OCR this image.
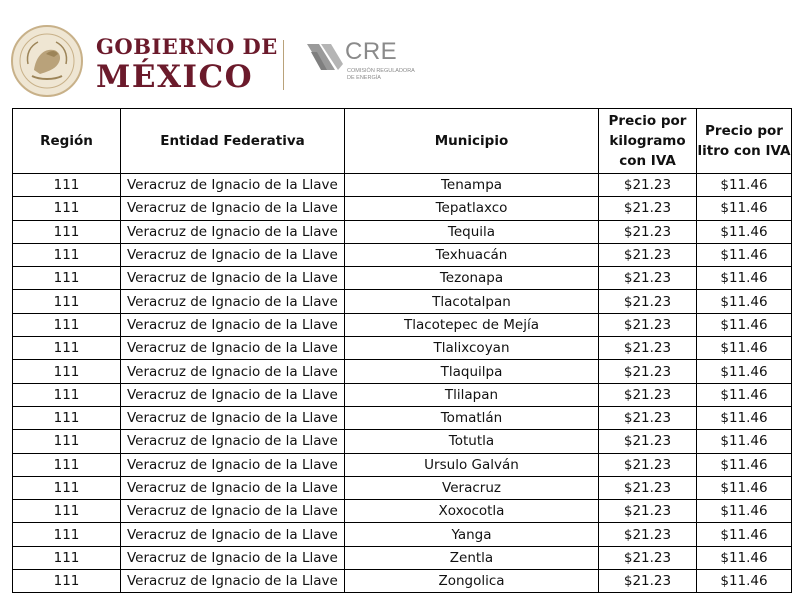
GOBIERNO DE
MÉXICO
CRE
COMISIÓN REGULADORA DE ENERGÍA
Región	Entidad Federativa	Municipio	Precio por kilogramo con IVA	Precio por litro con IVA
111	Veracruz de Ignacio de la Llave	Tenampa	$21.23	$11.46
111	Veracruz de Ignacio de la Llave	Tepatlaxco	$21.23	$11.46
111	Veracruz de Ignacio de la Llave	Tequila	$21.23	$11.46
111	Veracruz de Ignacio de la Llave	Texhuacán	$21.23	$11.46
111	Veracruz de Ignacio de la Llave	Tezonapa	$21.23	$11.46
111	Veracruz de Ignacio de la Llave	Tlacotalpan	$21.23	$11.46
111	Veracruz de Ignacio de la Llave	Tlacotepec de Mejía	$21.23	$11.46
111	Veracruz de Ignacio de la Llave	Tlalixcoyan	$21.23	$11.46
111	Veracruz de Ignacio de la Llave	Tlaquilpa	$21.23	$11.46
111	Veracruz de Ignacio de la Llave	Tlilapan	$21.23	$11.46
111	Veracruz de Ignacio de la Llave	Tomatlán	$21.23	$11.46
111	Veracruz de Ignacio de la Llave	Totutla	$21.23	$11.46
111	Veracruz de Ignacio de la Llave	Ursulo Galván	$21.23	$11.46
111	Veracruz de Ignacio de la Llave	Veracruz	$21.23	$11.46
111	Veracruz de Ignacio de la Llave	Xoxocotla	$21.23	$11.46
111	Veracruz de Ignacio de la Llave	Yanga	$21.23	$11.46
111	Veracruz de Ignacio de la Llave	Zentla	$21.23	$11.46
111	Veracruz de Ignacio de la Llave	Zongolica	$21.23	$11.46
